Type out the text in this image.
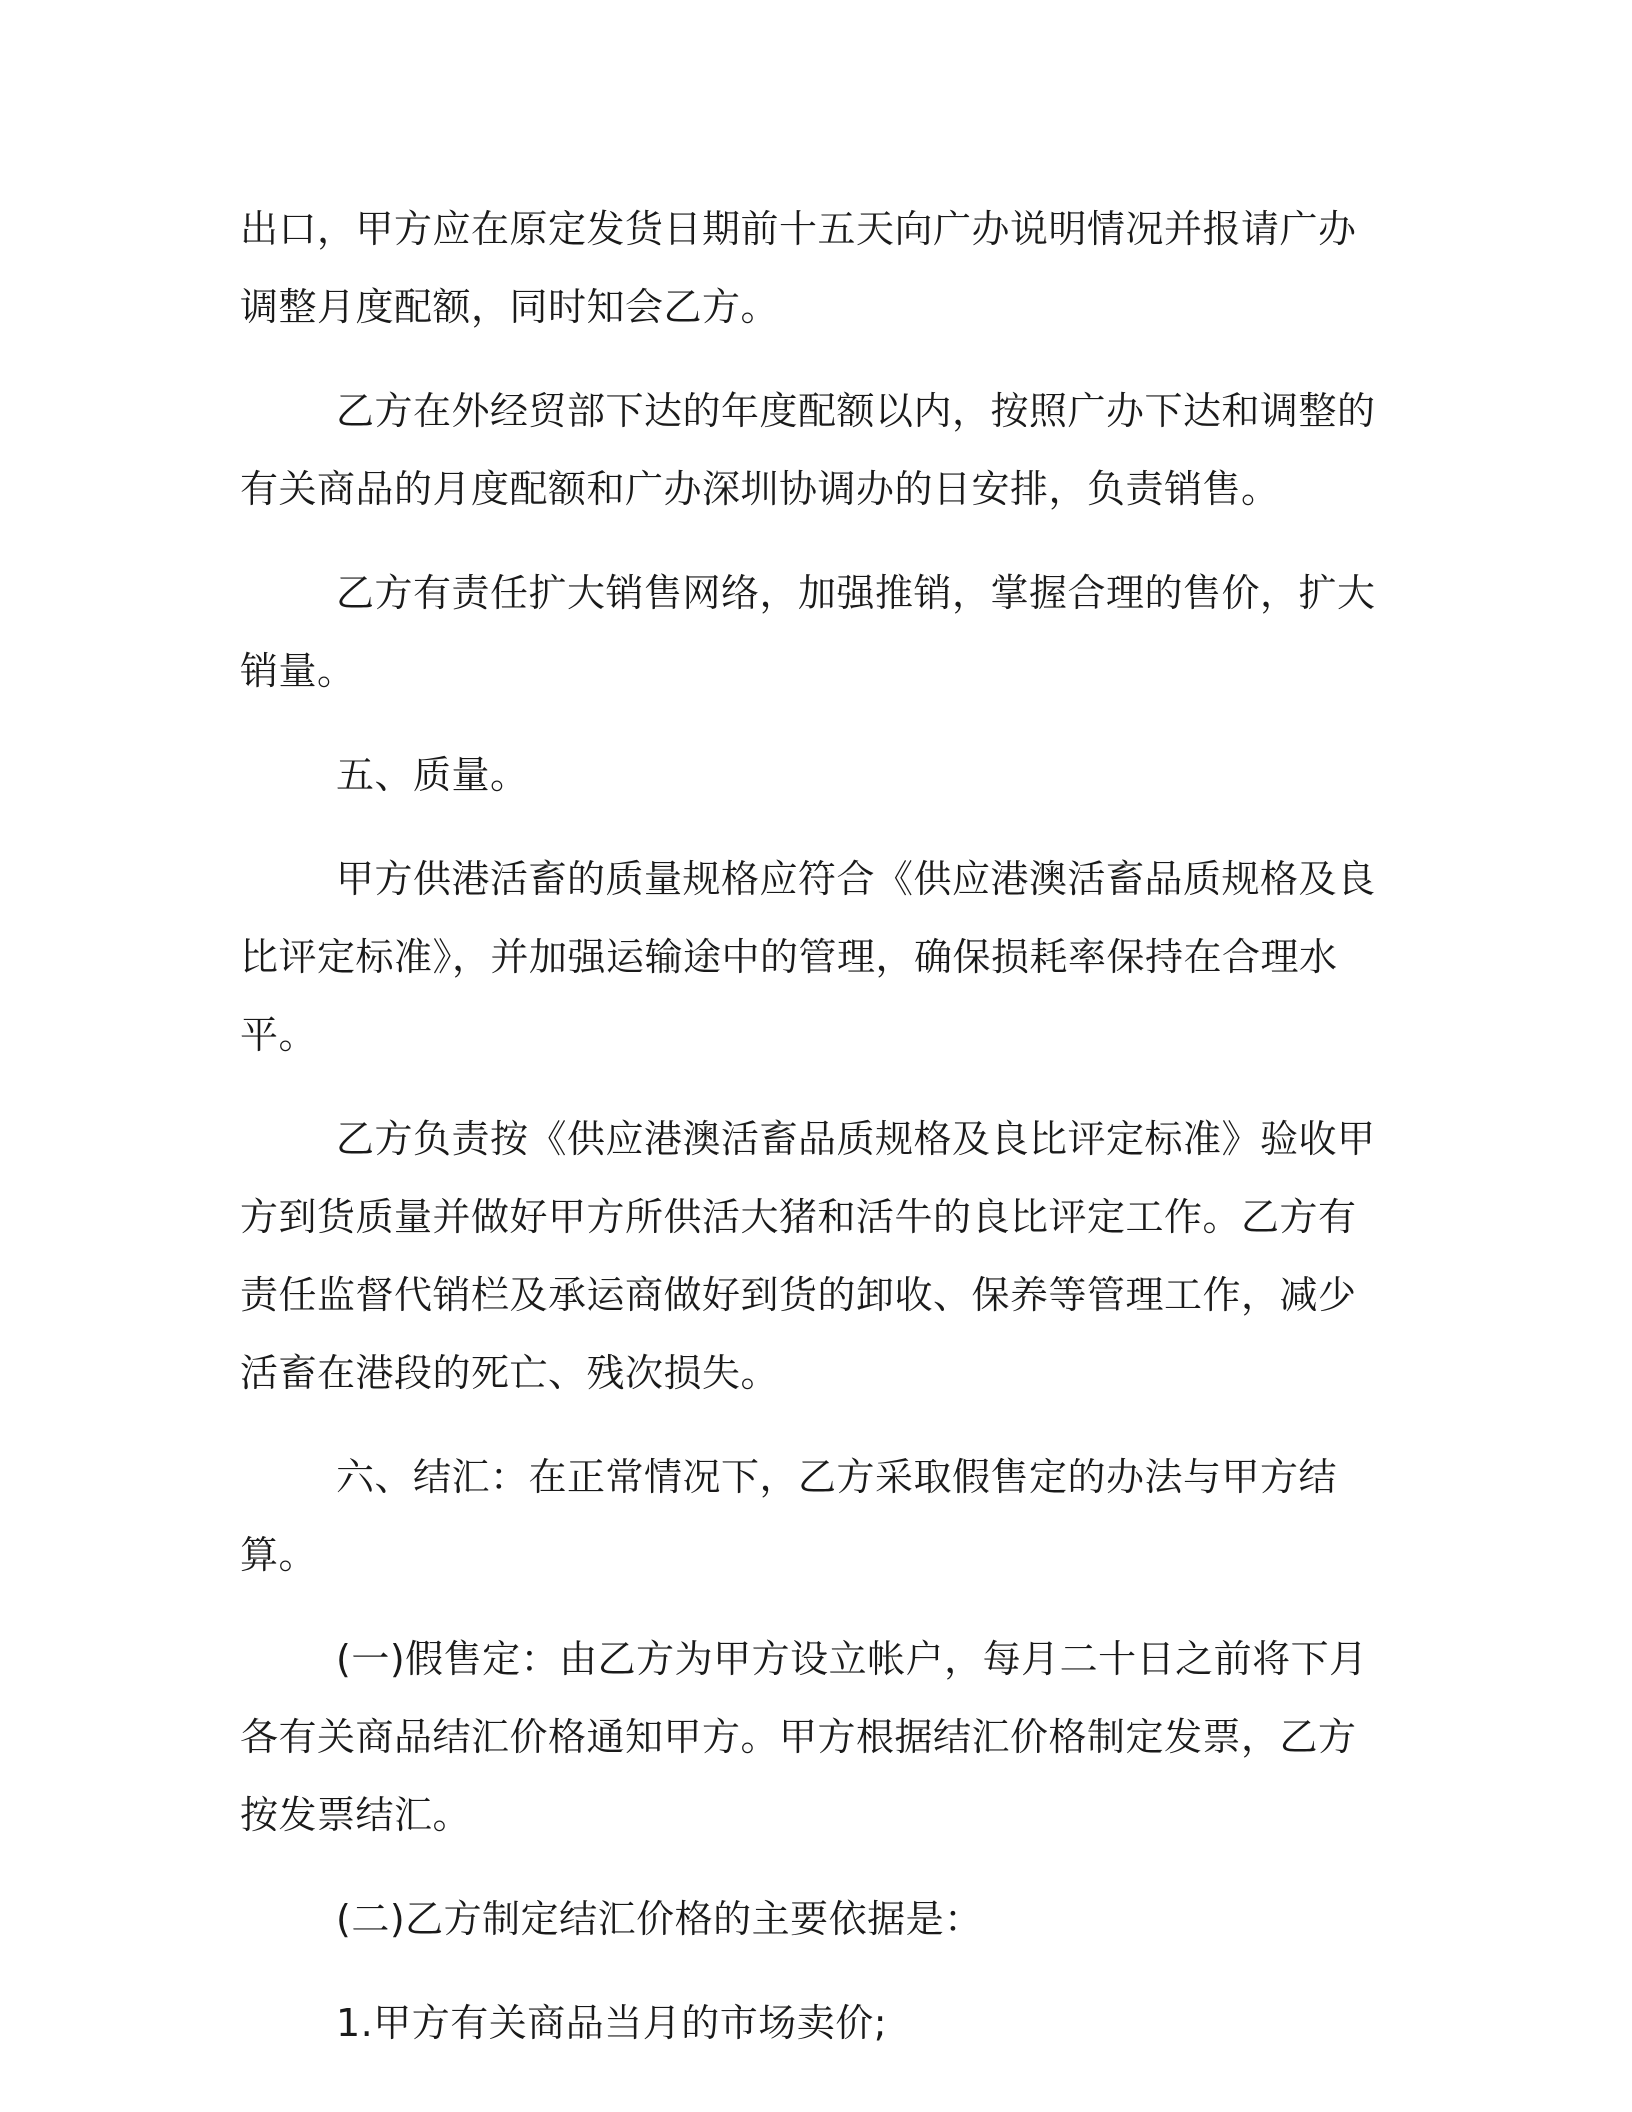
出口，甲方应在原定发货日期前十五天向广办说明情况并报请广办调整月度配额，同时知会乙方。

乙方在外经贸部下达的年度配额以内，按照广办下达和调整的有关商品的月度配额和广办深圳协调办的日安排，负责销售。

乙方有责任扩大销售网络，加强推销，掌握合理的售价，扩大销量。

五、质量。

甲方供港活畜的质量规格应符合《供应港澳活畜品质规格及良比评定标准》，并加强运输途中的管理，确保损耗率保持在合理水平。

乙方负责按《供应港澳活畜品质规格及良比评定标准》验收甲方到货质量并做好甲方所供活大猪和活牛的良比评定工作。乙方有责任监督代销栏及承运商做好到货的卸收、保养等管理工作，减少活畜在港段的死亡、残次损失。

六、结汇：在正常情况下，乙方采取假售定的办法与甲方结算。

(一)假售定：由乙方为甲方设立帐户，每月二十日之前将下月各有关商品结汇价格通知甲方。甲方根据结汇价格制定发票，乙方按发票结汇。

(二)乙方制定结汇价格的主要依据是：

1.甲方有关商品当月的市场卖价;
